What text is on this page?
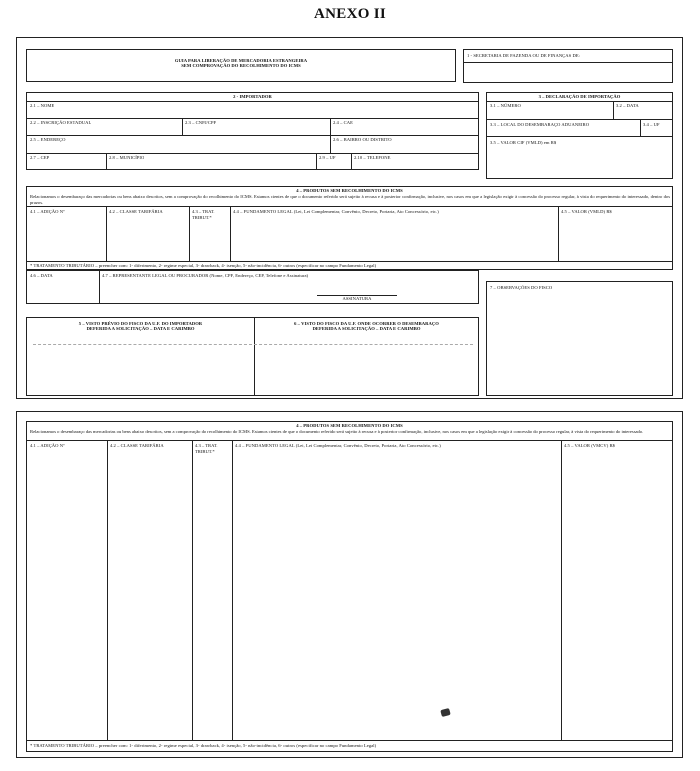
ANEXO II
GUIA PARA LIBERAÇÃO DE MERCADORIA ESTRANGEIRA
SEM COMPROVAÇÃO DO RECOLHIMENTO DO ICMS
1 - SECRETARIA DE FAZENDA OU DE FINANÇAS DE:
2 - IMPORTADOR
2.1 – NOME
2.2 – INSCRIÇÃO ESTADUAL	2.3 – CNPJ/CPF	2.4 – CAE
2.5 – ENDEREÇO	2.6 – BAIRRO OU DISTRITO
2.7 – CEP	2.8 – MUNICÍPIO	2.9 – UF	2.10 – TELEFONE
3 – DECLARAÇÃO DE IMPORTAÇÃO
3.1 – NÚMERO	3.2 – DATA
3.3 – LOCAL DO DESEMBARAÇO ADUANEIRO	3.4 – UF
3.5 – VALOR CIF (VMLD) em R$
4 – PRODUTOS SEM RECOLHIMENTO DO ICMS
Relacionamos o desembaraço das mercadorias ou bens abaixo descritos, sem a comprovação do recolhimento do ICMS. Estamos cientes de que o documento referido será sujeito à recusa e à posterior confirmação, inclusive, nos casos em que a legislação exigir à concessão do processo regular, à vista do requerimento do interessado, dentro dos prazos.
4.1 – ADIÇÃO Nº	4.2 – CLASSE TARIFÁRIA	4.3 – TRAT. TRIBUT.*
4.4 – FUNDAMENTO LEGAL (Lei, Lei Complementar, Convênio, Decreto, Portaria, Ato Concessório, etc.)	4.5 – VALOR (VMLD) R$
* TRATAMENTO TRIBUTÁRIO – preencher com: 1- diferimento, 2- regime especial, 3- drawback, 4- isenção, 5- não-incidência, 6- outros (especificar no campo Fundamento Legal)
4.6 – DATA	4.7 – REPRESENTANTE LEGAL OU PROCURADOR (Nome, CPF, Endereço, CEP, Telefone e Assinatura)
ASSINATURA
7 – OBSERVAÇÕES DO FISCO
5 – VISTO PRÉVIO DO FISCO DA U.F. DO IMPORTADOR
DEFERIDA A SOLICITAÇÃO – DATA E CARIMBO
6 – VISTO DO FISCO DA U.F. ONDE OCORRER O DESEMBARAÇO
DEFERIDA A SOLICITAÇÃO – DATA E CARIMBO
4 – PRODUTOS SEM RECOLHIMENTO DO ICMS
Relacionamos o desembaraço das mercadorias ou bens abaixo descritos, sem a comprovação do recolhimento do ICMS. Estamos cientes de que o documento referido será sujeito à recusa e à posterior confirmação, inclusive, nos casos em que a legislação exigir à concessão do processo regular, à vista do requerimento do interessado.
4.1 – ADIÇÃO Nº	4.2 – CLASSE TARIFÁRIA	4.3 – TRAT. TRIBUT.*
4.4 – FUNDAMENTO LEGAL (Lei, Lei Complementar, Convênio, Decreto, Portaria, Ato Concessório, etc.)	4.5 – VALOR (VMCV) R$
* TRATAMENTO TRIBUTÁRIO – preencher com: 1- diferimento, 2- regime especial, 3- drawback, 4- isenção, 5- não-incidência, 6- outros (especificar no campo Fundamento Legal)
